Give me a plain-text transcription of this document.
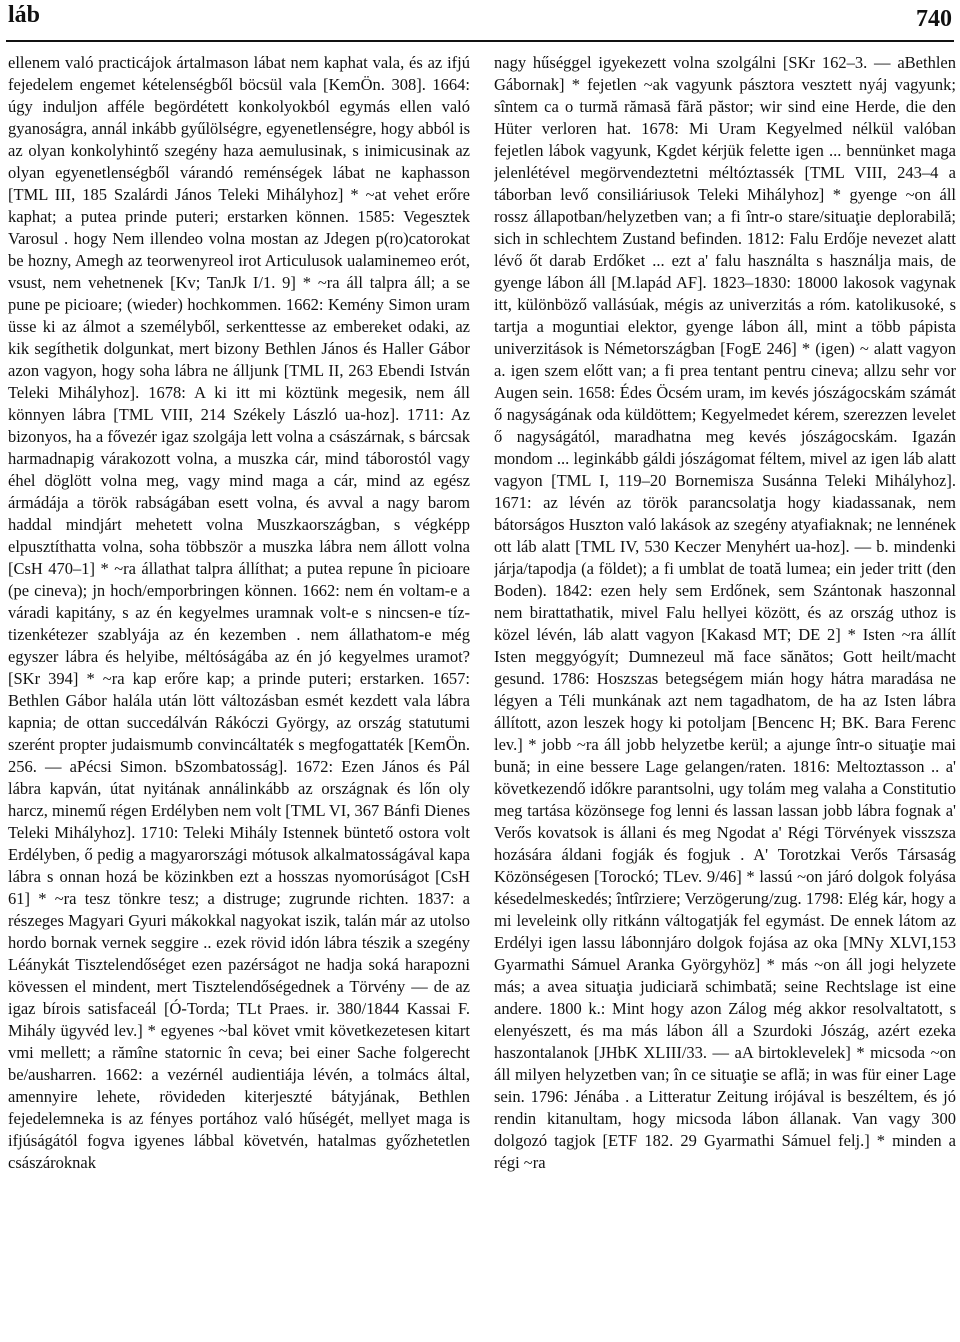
láb	740

ellenem való practicájok ártalmason lábat nem kaphat vala, és az ifjú fejedelem engemet kételenségből böcsül vala [KemÖn. 308]. 1664: úgy induljon afféle begördétett konkolyokból egymás ellen való gyanoságra, annál inkább gyűlölségre, egyenetlenségre, hogy abból is az olyan konkolyhintő szegény haza aemulusinak, s inimicusinak az olyan egyenetlenségből várandó reménségek lábat ne kaphasson [TML III, 185 Szalárdi János Teleki Mihályhoz] * ~at vehet erőre kaphat; a putea prinde puteri; erstarken können. 1585: Vegesztek Varosul . hogy Nem illendeo volna mostan az Jdegen p(ro)catorokat be hozny, Amegh az teorwenyreol irot Articulusok ualaminemeo erót, vsust, nem vehetnenek [Kv; TanJk I/1. 9] * ~ra áll talpra áll; a se pune pe picioare; (wieder) hochkommen. 1662: Kemény Simon uram üsse ki az álmot a személyből, serkenttesse az embereket odaki, az kik segíthetik dolgunkat, mert bizony Bethlen János és Haller Gábor azon vagyon, hogy soha lábra ne álljunk [TML II, 263 Ebendi István Teleki Mihályhoz]. 1678: A ki itt mi köztünk megesik, nem áll könnyen lábra [TML VIII, 214 Székely László ua-hoz]. 1711: Az bizonyos, ha a fővezér igaz szolgája lett volna a császárnak, s bárcsak harmadnapig várakozott volna, a muszka cár, mind táborostól vagy éhel döglött volna meg, vagy mind maga a cár, mind az egész ármádája a török rabságában esett volna, és avval a nagy barom haddal mindjárt mehetett volna Muszkaországban, s végképp elpusztíthatta volna, soha többször a muszka lábra nem állott volna [CsH 470–1] * ~ra állathat talpra állíthat; a putea repune în picioare (pe cineva); jn hoch/emporbringen können. 1662: nem én voltam-e a váradi kapitány, s az én kegyelmes uramnak volt-e s nincsen-e tíz-tizenkétezer szablyája az én kezemben . nem állathatom-e még egyszer lábra és helyibe, méltóságába az én jó kegyelmes uramot? [SKr 394] * ~ra kap erőre kap; a prinde puteri; erstarken. 1657: Bethlen Gábor halála után lött változásban esmét kezdett vala lábra kapnia; de ottan succedálván Rákóczi György, az ország statutumi szerént propter judaismumb convincáltaték s megfogattaték [KemÖn. 256. — aPécsi Simon. bSzombatosság]. 1672: Ezen János és Pál lábra kapván, útat nyitának annálinkább az országnak és lőn oly harcz, minemű régen Erdélyben nem volt [TML VI, 367 Bánfi Dienes Teleki Mihályhoz]. 1710: Teleki Mihály Istennek büntető ostora volt Erdélyben, ő pedig a magyarországi mótusok alkalmatosságával kapa lábra s onnan hozá be közinkben ezt a hosszas nyomorúságot [CsH 61] * ~ra tesz tönkre tesz; a distruge; zugrunde richten. 1837: a részeges Magyari Gyuri mákokkal nagyokat iszik, talán már az utolso hordo bornak vernek seggire .. ezek rövid idón lábra tészik a szegény Léánykát Tisztelendőséget ezen pazérságot ne hadja soká harapozni kövessen el mindent, mert Tisztelendőségednek a Törvény — de az igaz bírois satisfaceál [Ó-Torda; TLt Praes. ir. 380/1844 Kassai F. Mihály ügyvéd lev.] * egyenes ~bal követ vmit következetesen kitart vmi mellett; a rămîne statornic în ceva; bei einer Sache folgerecht be/ausharren. 1662: a vezérnél audientiája lévén, a tolmács által, amennyire lehete, rövideden kiterjeszté bátyjának, Bethlen fejedelemneka is az fényes portához való hűségét, mellyet maga is ifjúságától fogva igyenes lábbal követvén, hatalmas győzhetetlen császároknak

nagy hűséggel igyekezett volna szolgálni [SKr 162–3. — aBethlen Gábornak] * fejetlen ~ak vagyunk pásztora vesztett nyáj vagyunk; sîntem ca o turmă rămasă fără păstor; wir sind eine Herde, die den Hüter verloren hat. 1678: Mi Uram Kegyelmed nélkül valóban fejetlen lábok vagyunk, Kgdet kérjük felette igen ... bennünket maga jelenlétével megörvendeztetni méltóztassék [TML VIII, 243–4 a táborban levő consiliáriusok Teleki Mihályhoz] * gyenge ~on áll rossz állapotban/helyzetben van; a fi într-o stare/situaţie deplorabilă; sich in schlechtem Zustand befinden. 1812: Falu Erdője nevezet alatt lévő őt darab Erdőket ... ezt a' falu használta s használja mais, de gyenge lábon áll [M.lapád AF]. 1823–1830: 18000 lakosok vagynak itt, különböző vallásúak, mégis az univerzitás a róm. katolikusoké, s tartja a moguntiai elektor, gyenge lábon áll, mint a több pápista univerzitások is Németországban [FogE 246] * (igen) ~ alatt vagyon a. igen szem előtt van; a fi prea tentant pentru cineva; allzu sehr vor Augen sein. 1658: Édes Öcsém uram, im kevés jószágocskám számát ő nagyságának oda küldöttem; Kegyelmedet kérem, szerezzen levelet ő nagyságától, maradhatna meg kevés jószágocskám. Igazán mondom ... leginkább gáldi jószágomat féltem, mivel az igen láb alatt vagyon [TML I, 119–20 Bornemisza Susánna Teleki Mihályhoz]. 1671: az lévén az török parancsolatja hogy kiadassanak, nem bátorságos Huszton való lakások az szegény atyafiaknak; ne lennének ott láb alatt [TML IV, 530 Keczer Menyhért ua-hoz]. — b. mindenki járja/tapodja (a földet); a fi umblat de toată lumea; ein jeder tritt (den Boden). 1842: ezen hely sem Erdőnek, sem Szántonak haszonnal nem birattathatik, mivel Falu hellyei között, és az ország uthoz is közel lévén, láb alatt vagyon [Kakasd MT; DE 2] * Isten ~ra állít Isten meggyógyít; Dumnezeul mă face sănătos; Gott heilt/macht gesund. 1786: Hoszszas betegségem mián hogy hátra maradása ne légyen a Téli munkának azt nem tagadhatom, de ha az Isten lábra állított, azon leszek hogy ki potoljam [Bencenc H; BK. Bara Ferenc lev.] * jobb ~ra áll jobb helyzetbe kerül; a ajunge într-o situaţie mai bună; in eine bessere Lage gelangen/raten. 1816: Meltoztasson .. a' következendő időkre parantsolni, ugy tolám meg valaha a Constitutio meg tartása közönsege fog lenni és lassan lassan jobb lábra fognak a' Verős kovatsok is állani és meg Ngodat a' Régi Törvények visszsza hozására áldani fogják és fogjuk . A' Torotzkai Verős Társaság Közönségesen [Torockó; TLev. 9/46] * lassú ~on járó dolgok folyása késedelmeskedés; întîrziere; Verzögerung/zug. 1798: Elég kár, hogy a mi leveleink olly ritkánn váltogatják fel egymást. De ennek látom az Erdélyi igen lassu lábonnjáro dolgok fojása az oka [MNy XLVI,153 Gyarmathi Sámuel Aranka Györgyhöz] * más ~on áll jogi helyzete más; a avea situaţia judiciară schimbată; seine Rechtslage ist eine andere. 1800 k.: Mint hogy azon Zálog még akkor resolvaltatott, s elenyészett, és ma más lábon áll a Szurdoki Jószág, azért ezeka haszontalanok [JHbK XLIII/33. — aA birtoklevelek] * micsoda ~on áll milyen helyzetben van; în ce situaţie se află; in was für einer Lage sein. 1796: Jénába . a Litteratur Zeitung irójával is beszéltem, és jó rendin kitanultam, hogy micsoda lábon állanak. Van vagy 300 dolgozó tagjok [ETF 182. 29 Gyarmathi Sámuel felj.] * minden a régi ~ra
